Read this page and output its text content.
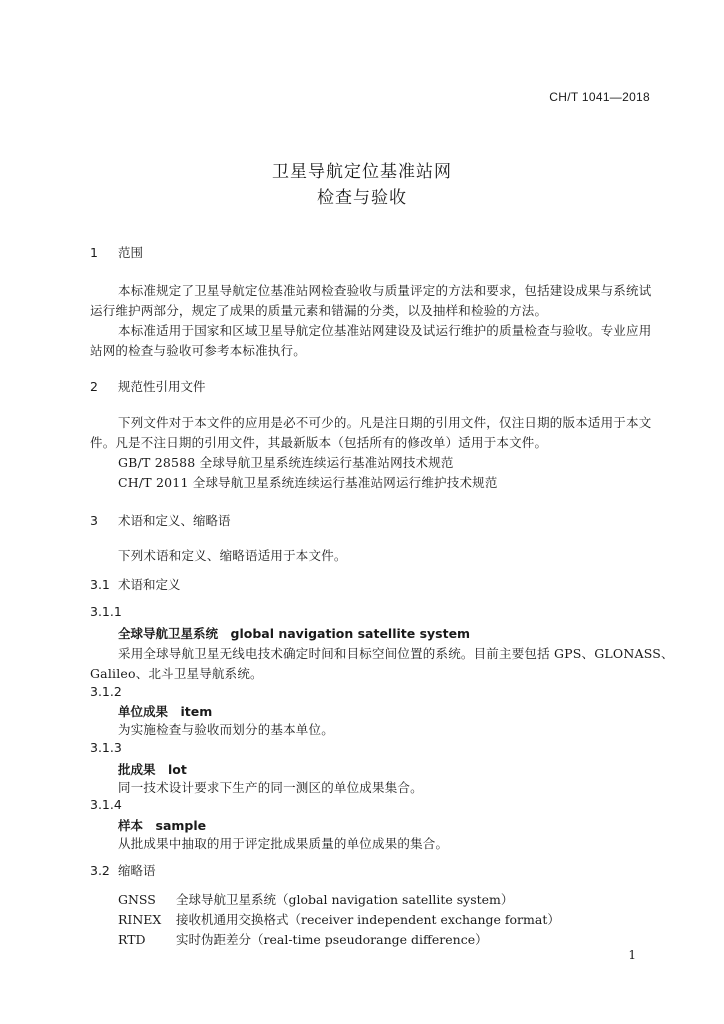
CH/T 1041—2018
卫星导航定位基准站网
检查与验收
1 范围
本标准规定了卫星导航定位基准站网检查验收与质量评定的方法和要求，包括建设成果与系统试
运行维护两部分，规定了成果的质量元素和错漏的分类，以及抽样和检验的方法。
本标准适用于国家和区域卫星导航定位基准站网建设及试运行维护的质量检查与验收。专业应用
站网的检查与验收可参考本标准执行。
2 规范性引用文件
下列文件对于本文件的应用是必不可少的。凡是注日期的引用文件，仅注日期的版本适用于本文
件。凡是不注日期的引用文件，其最新版本（包括所有的修改单）适用于本文件。
GB/T 28588 全球导航卫星系统连续运行基准站网技术规范
CH/T 2011 全球导航卫星系统连续运行基准站网运行维护技术规范
3 术语和定义、缩略语
下列术语和定义、缩略语适用于本文件。
3.1 术语和定义
3.1.1
全球导航卫星系统　global navigation satellite system
采用全球导航卫星无线电技术确定时间和目标空间位置的系统。目前主要包括 GPS、GLONASS、
Galileo、北斗卫星导航系统。
3.1.2
单位成果　item
为实施检查与验收而划分的基本单位。
3.1.3
批成果　lot
同一技术设计要求下生产的同一测区的单位成果集合。
3.1.4
样本　sample
从批成果中抽取的用于评定批成果质量的单位成果的集合。
3.2 缩略语
GNSS 全球导航卫星系统（global navigation satellite system）
RINEX 接收机通用交换格式（receiver independent exchange format）
RTD 实时伪距差分（real-time pseudorange difference）
1
